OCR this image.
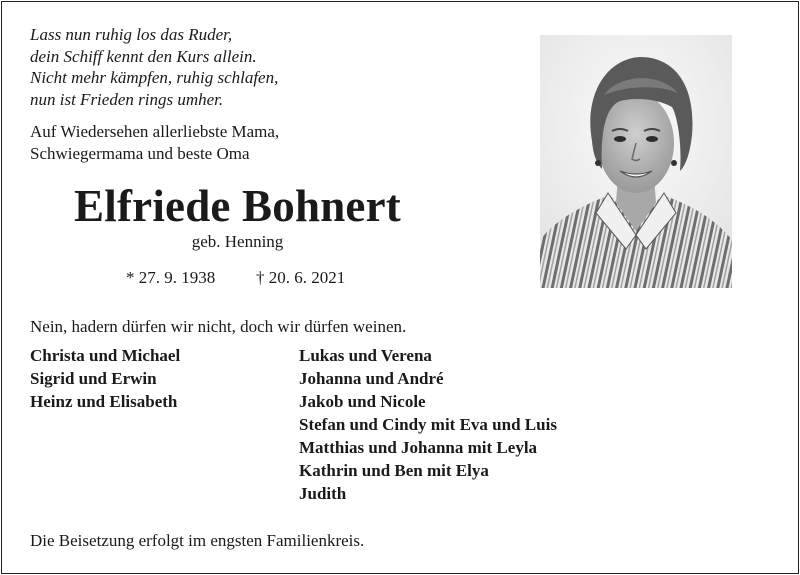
Lass nun ruhig los das Ruder,
dein Schiff kennt den Kurs allein.
Nicht mehr kämpfen, ruhig schlafen,
nun ist Frieden rings umher.
Auf Wiedersehen allerliebste Mama,
Schwiegermama und beste Oma
Elfriede Bohnert
geb. Henning
* 27. 9. 1938 † 20. 6. 2021
Nein, hadern dürfen wir nicht, doch wir dürfen weinen.
Christa und Michael
Sigrid und Erwin
Heinz und Elisabeth
Lukas und Verena
Johanna und André
Jakob und Nicole
Stefan und Cindy mit Eva und Luis
Matthias und Johanna mit Leyla
Kathrin und Ben mit Elya
Judith
Die Beisetzung erfolgt im engsten Familienkreis.
